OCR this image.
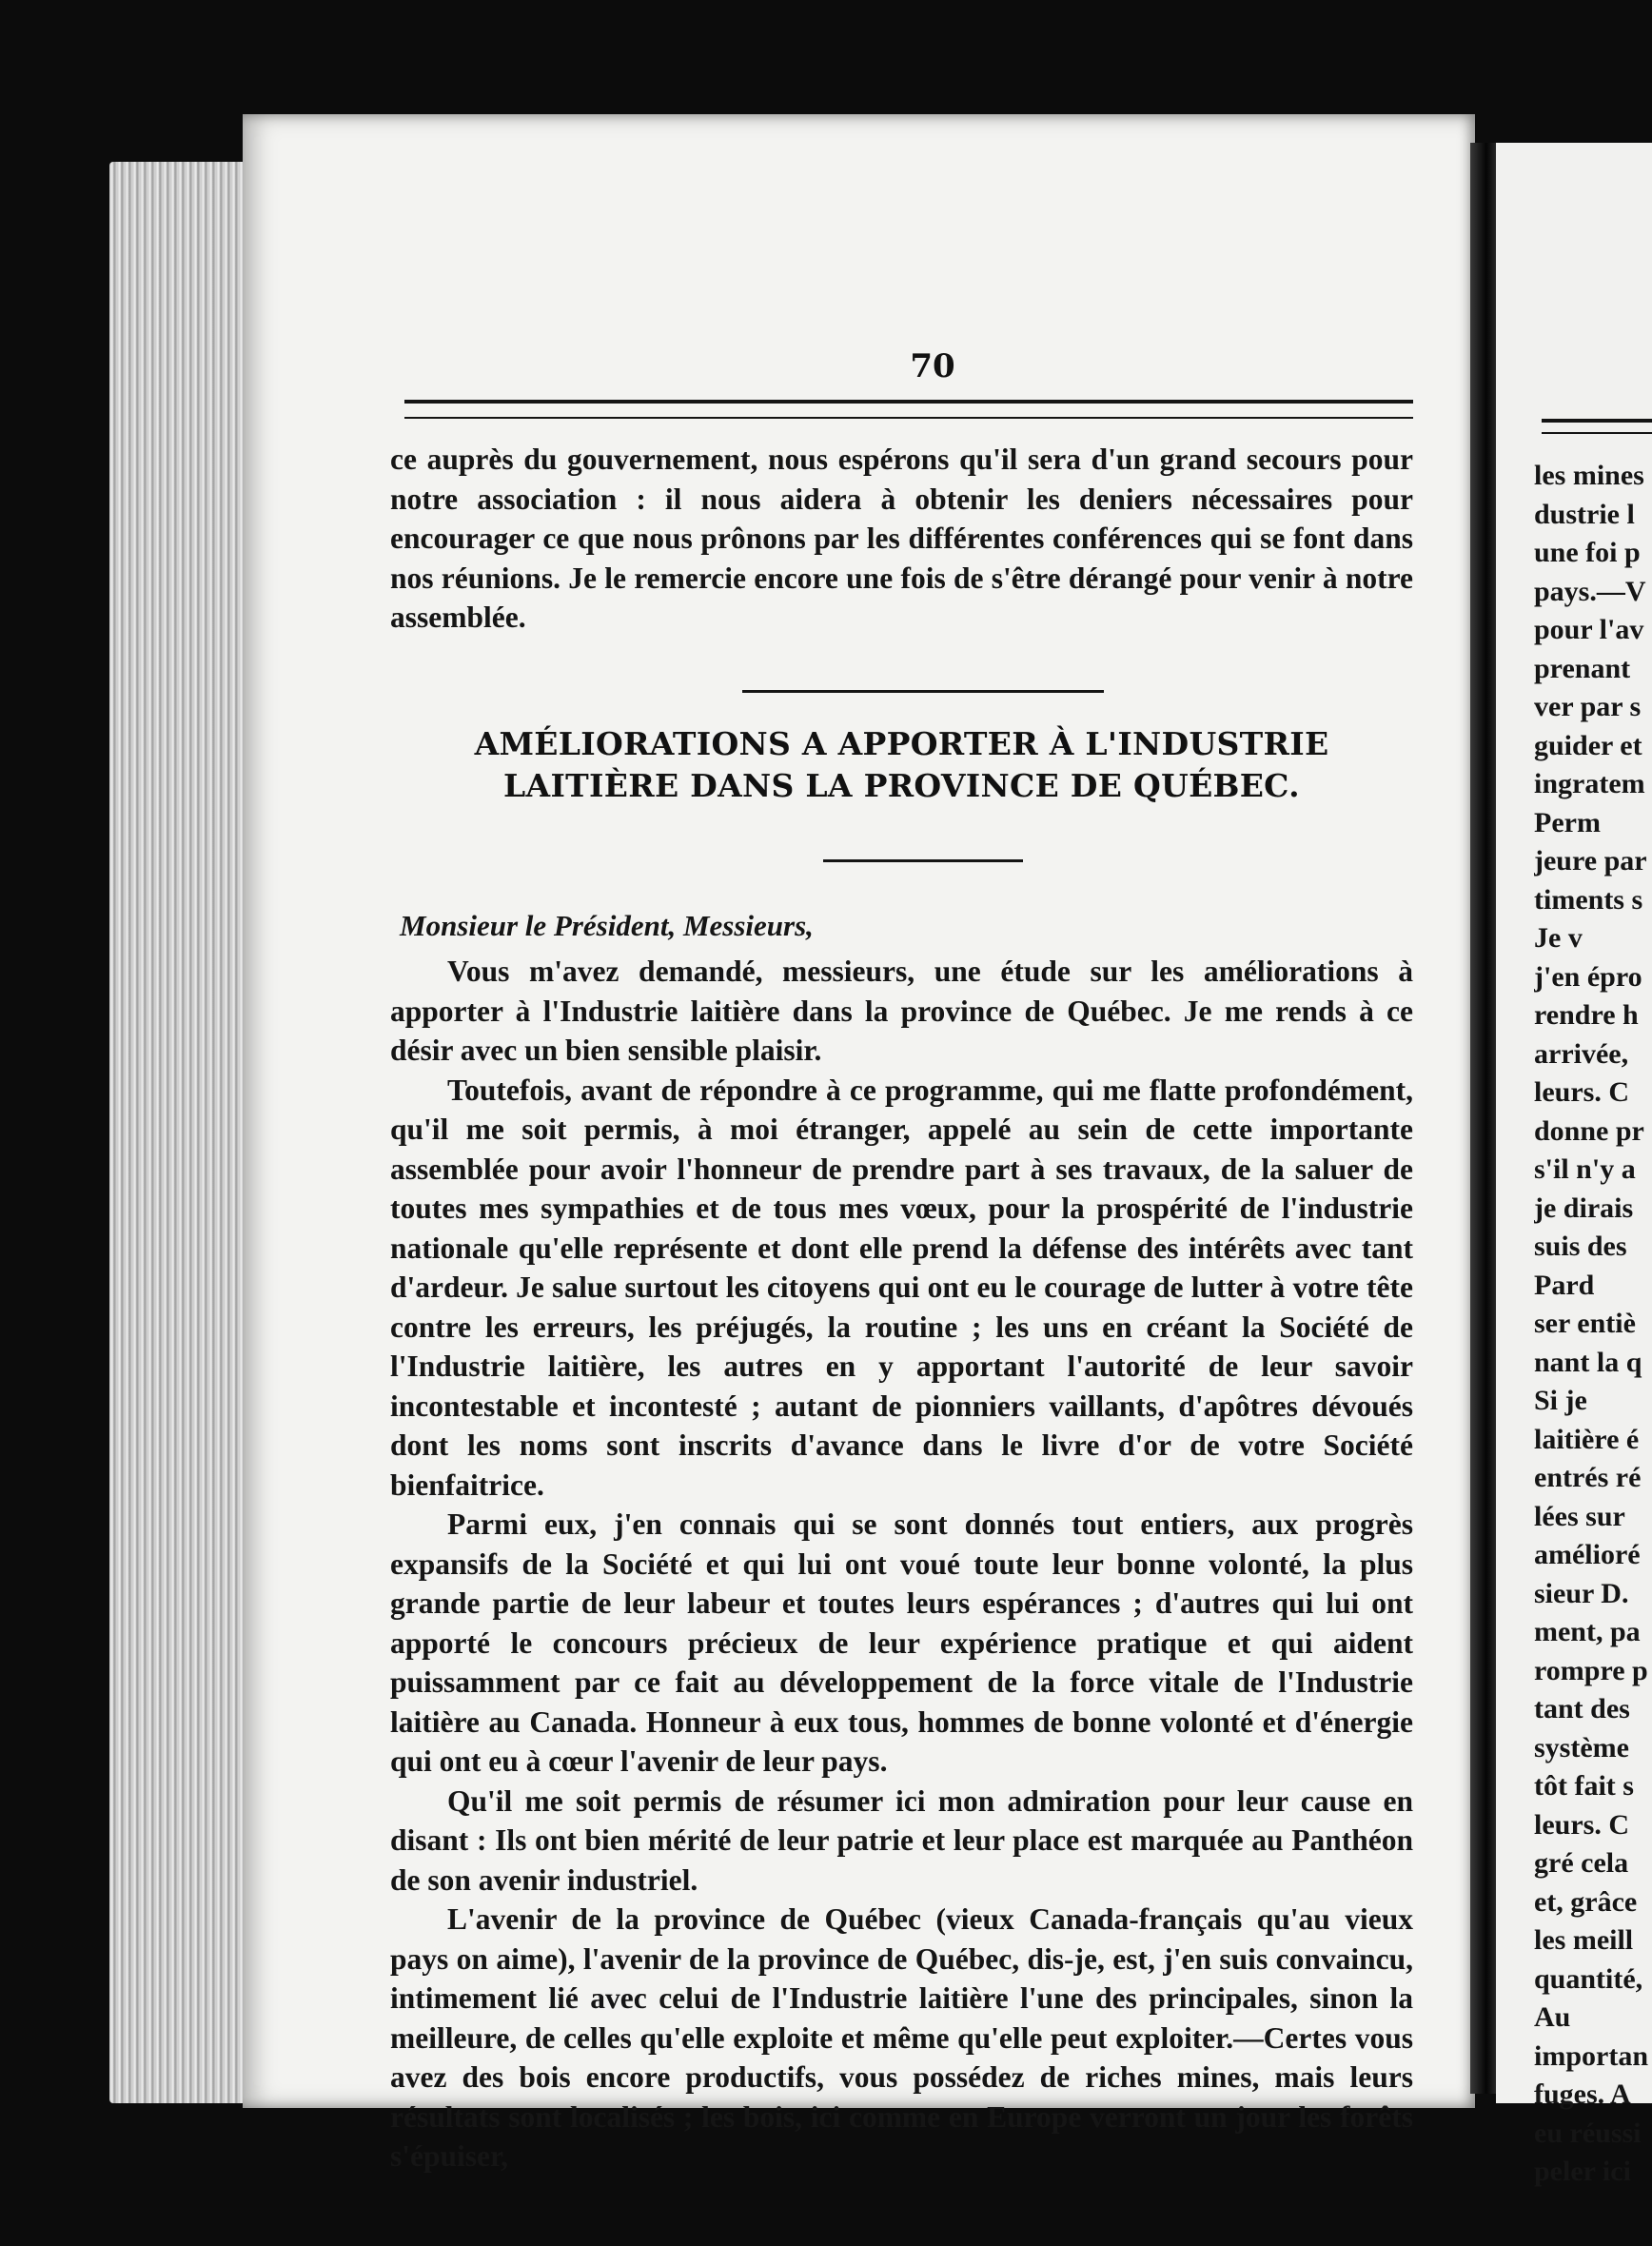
70

ce auprès du gouvernement, nous espérons qu'il sera d'un grand secours pour notre association : il nous aidera à obtenir les deniers nécessaires pour encourager ce que nous prônons par les différentes conférences qui se font dans nos réunions. Je le remercie encore une fois de s'être dérangé pour venir à notre assemblée.

AMÉLIORATIONS A APPORTER À L'INDUSTRIE LAITIÈRE DANS LA PROVINCE DE QUÉBEC.
Monsieur le Président, Messieurs,

Vous m'avez demandé, messieurs, une étude sur les améliorations à apporter à l'Industrie laitière dans la province de Québec. Je me rends à ce désir avec un bien sensible plaisir.

Toutefois, avant de répondre à ce programme, qui me flatte profondément, qu'il me soit permis, à moi étranger, appelé au sein de cette importante assemblée pour avoir l'honneur de prendre part à ses travaux, de la saluer de toutes mes sympathies et de tous mes vœux, pour la prospérité de l'industrie nationale qu'elle représente et dont elle prend la défense des intérêts avec tant d'ardeur. Je salue surtout les citoyens qui ont eu le courage de lutter à votre tête contre les erreurs, les préjugés, la routine ; les uns en créant la Société de l'Industrie laitière, les autres en y apportant l'autorité de leur savoir incontestable et incontesté ; autant de pionniers vaillants, d'apôtres dévoués dont les noms sont inscrits d'avance dans le livre d'or de votre Société bienfaitrice.

Parmi eux, j'en connais qui se sont donnés tout entiers, aux progrès expansifs de la Société et qui lui ont voué toute leur bonne volonté, la plus grande partie de leur labeur et toutes leurs espérances ; d'autres qui lui ont apporté le concours précieux de leur expérience pratique et qui aident puissamment par ce fait au développement de la force vitale de l'Industrie laitière au Canada. Honneur à eux tous, hommes de bonne volonté et d'énergie qui ont eu à cœur l'avenir de leur pays.

Qu'il me soit permis de résumer ici mon admiration pour leur cause en disant : Ils ont bien mérité de leur patrie et leur place est marquée au Panthéon de son avenir industriel.

L'avenir de la province de Québec (vieux Canada-français qu'au vieux pays on aime), l'avenir de la province de Québec, dis-je, est, j'en suis convaincu, intimement lié avec celui de l'Industrie laitière l'une des principales, sinon la meilleure, de celles qu'elle exploite et même qu'elle peut exploiter.—Certes vous avez des bois encore productifs, vous possédez de riches mines, mais leurs résultats sont localisés ; les bois, ici comme en Europe verront un jour les forêts s'épuiser,

les mines
dustrie l
une foi p
pays.—V
pour l'av
prenant
ver par s
guider et
ingratem
Perm
jeure par
timents s
Je v
j'en épro
rendre h
arrivée,
leurs. C
donne pr
s'il n'y a
je dirais
suis des
Pard
ser entiè
nant la q
Si je
laitière é
entrés ré
lées sur
amélioré
sieur D.
ment, pa
rompre p
tant des
système
tôt fait s
leurs. C
gré cela
et, grâce
les meill
quantité,
Au
importan
fuges. A
eu réussi
peler ici
